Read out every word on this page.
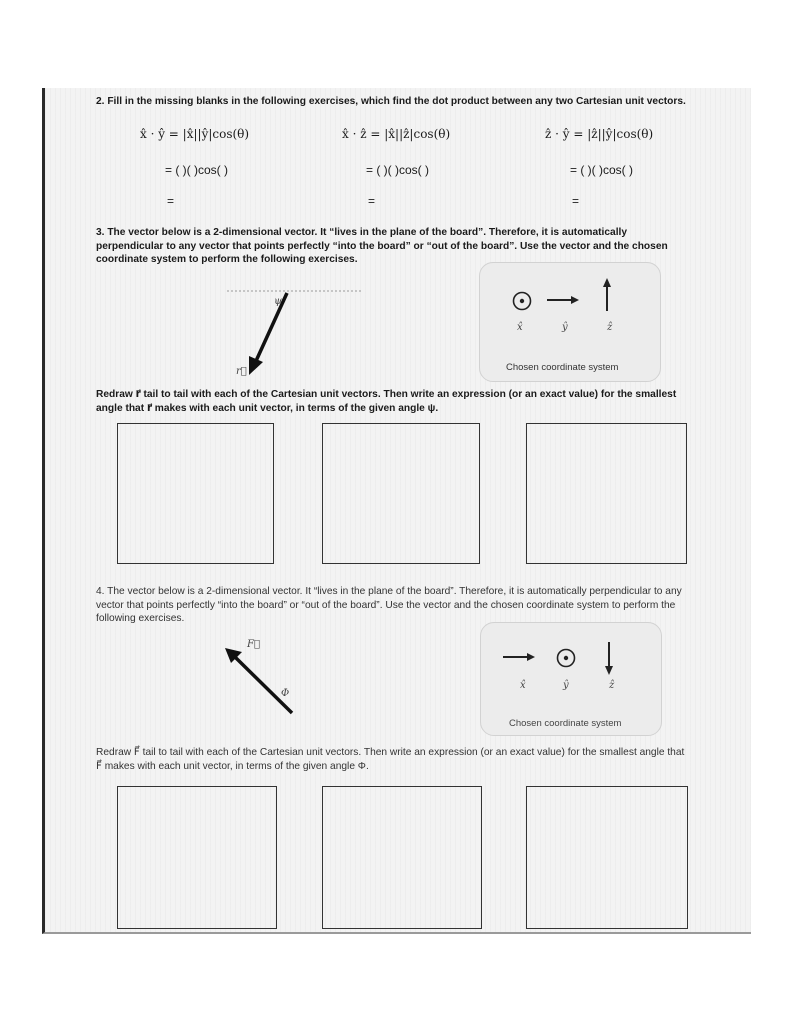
2. Fill in the missing blanks in the following exercises, which find the dot product between any two Cartesian unit vectors.
x̂ · ŷ = |x̂||ŷ|cos(θ)	x̂ · ẑ = |x̂||ẑ|cos(θ)	ẑ · ŷ = |ẑ||ŷ|cos(θ)
= ( )( )cos( )	= ( )( )cos( )	= ( )( )cos( )
=	=	=
3. The vector below is a 2-dimensional vector. It “lives in the plane of the board”. Therefore, it is automatically perpendicular to any vector that points perfectly “into the board” or “out of the board”. Use the vector and the chosen coordinate system to perform the following exercises.
ψ
r⃗
x̂	ŷ	ẑ
Chosen coordinate system
Redraw r⃗ tail to tail with each of the Cartesian unit vectors. Then write an expression (or an exact value) for the smallest angle that r⃗ makes with each unit vector, in terms of the given angle ψ.
4. The vector below is a 2-dimensional vector. It “lives in the plane of the board”. Therefore, it is automatically perpendicular to any vector that points perfectly “into the board” or “out of the board”. Use the vector and the chosen coordinate system to perform the following exercises.
F⃗
Φ
x̂	ŷ	ẑ
Chosen coordinate system
Redraw F⃗ tail to tail with each of the Cartesian unit vectors. Then write an expression (or an exact value) for the smallest angle that F⃗ makes with each unit vector, in terms of the given angle Φ.
